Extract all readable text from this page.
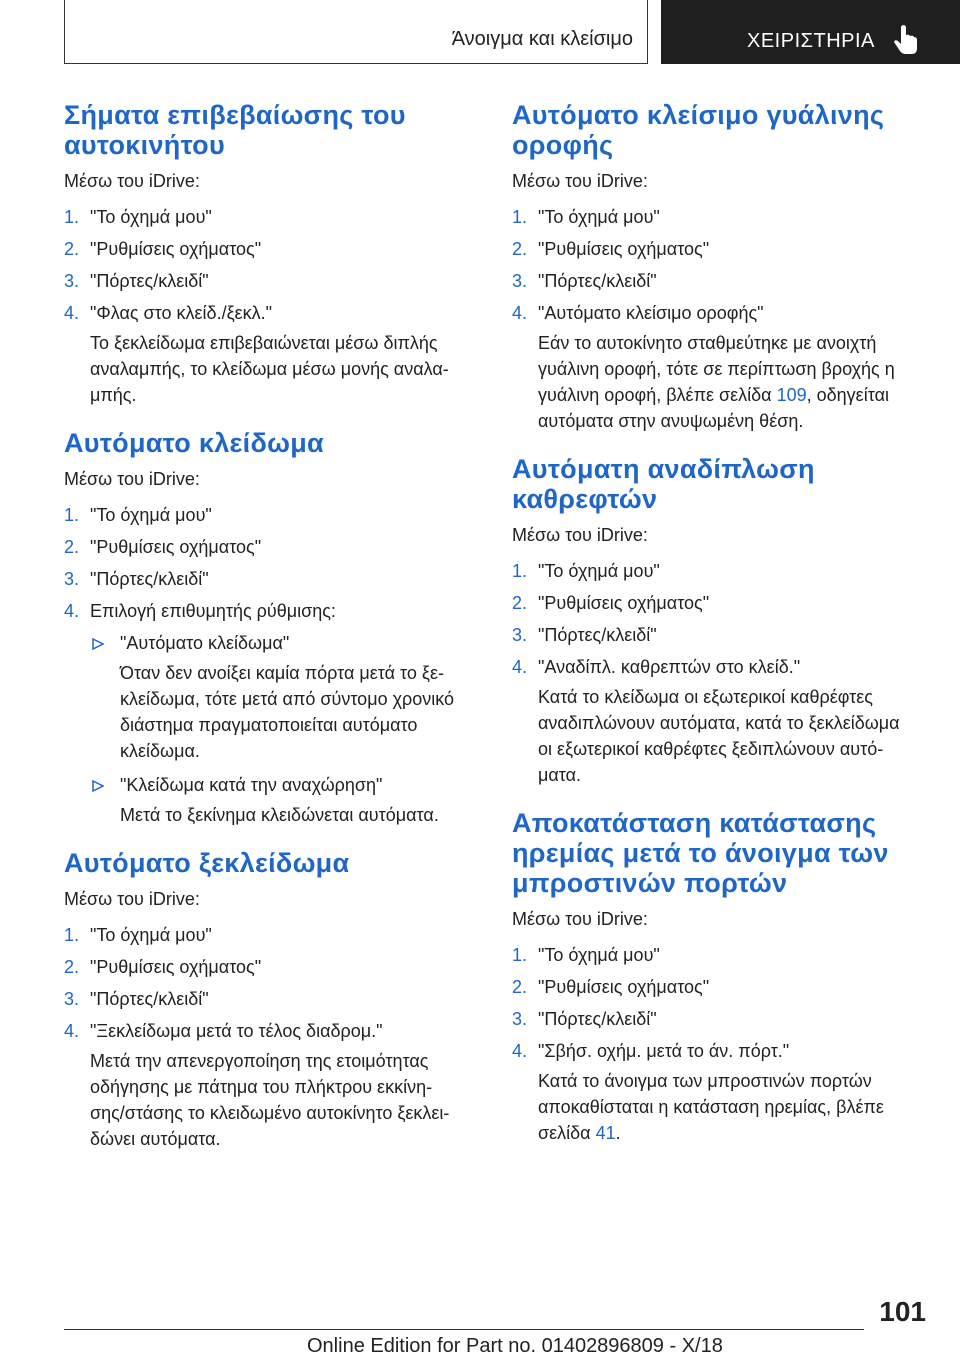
Άνοιγμα και κλείσιμο	ΧΕΙΡΙΣΤΗΡΙΑ
Σήματα επιβεβαίωσης του
αυτοκινήτου

Μέσω του iDrive:

1. "Το όχημά μου"
2. "Ρυθμίσεις οχήματος"
3. "Πόρτες/κλειδί"
4. "Φλας στο κλείδ./ξεκλ."
Το ξεκλείδωμα επιβεβαιώνεται μέσω διπλής
αναλαμπής, το κλείδωμα μέσω μονής αναλα-
μπής.
Αυτόματο κλείδωμα

Μέσω του iDrive:

1. "Το όχημά μου"
2. "Ρυθμίσεις οχήματος"
3. "Πόρτες/κλειδί"
4. Επιλογή επιθυμητής ρύθμισης:
"Αυτόματο κλείδωμα"
Όταν δεν ανοίξει καμία πόρτα μετά το ξε-
κλείδωμα, τότε μετά από σύντομο χρονικό
διάστημα πραγματοποιείται αυτόματο
κλείδωμα.
"Κλείδωμα κατά την αναχώρηση"
Μετά το ξεκίνημα κλειδώνεται αυτόματα.
Αυτόματο ξεκλείδωμα

Μέσω του iDrive:

1. "Το όχημά μου"
2. "Ρυθμίσεις οχήματος"
3. "Πόρτες/κλειδί"
4. "Ξεκλείδωμα μετά το τέλος διαδρομ."
Μετά την απενεργοποίηση της ετοιμότητας
οδήγησης με πάτημα του πλήκτρου εκκίνη-
σης/στάσης το κλειδωμένο αυτοκίνητο ξεκλει-
δώνει αυτόματα.
Αυτόματο κλείσιμο γυάλινης
οροφής

Μέσω του iDrive:

1. "Το όχημά μου"
2. "Ρυθμίσεις οχήματος"
3. "Πόρτες/κλειδί"
4. "Αυτόματο κλείσιμο οροφής"
Εάν το αυτοκίνητο σταθμεύτηκε με ανοιχτή
γυάλινη οροφή, τότε σε περίπτωση βροχής η
γυάλινη οροφή, βλέπε σελίδα 109, οδηγείται
αυτόματα στην ανυψωμένη θέση.
Αυτόματη αναδίπλωση
καθρεφτών

Μέσω του iDrive:

1. "Το όχημά μου"
2. "Ρυθμίσεις οχήματος"
3. "Πόρτες/κλειδί"
4. "Αναδίπλ. καθρεπτών στο κλείδ."
Κατά το κλείδωμα οι εξωτερικοί καθρέφτες
αναδιπλώνουν αυτόματα, κατά το ξεκλείδωμα
οι εξωτερικοί καθρέφτες ξεδιπλώνουν αυτό-
ματα.
Αποκατάσταση κατάστασης
ηρεμίας μετά το άνοιγμα των
μπροστινών πορτών

Μέσω του iDrive:

1. "Το όχημά μου"
2. "Ρυθμίσεις οχήματος"
3. "Πόρτες/κλειδί"
4. "Σβήσ. οχήμ. μετά το άν. πόρτ."
Κατά το άνοιγμα των μπροστινών πορτών
αποκαθίσταται η κατάσταση ηρεμίας, βλέπε
σελίδα 41.
101
Online Edition for Part no. 01402896809 - X/18
